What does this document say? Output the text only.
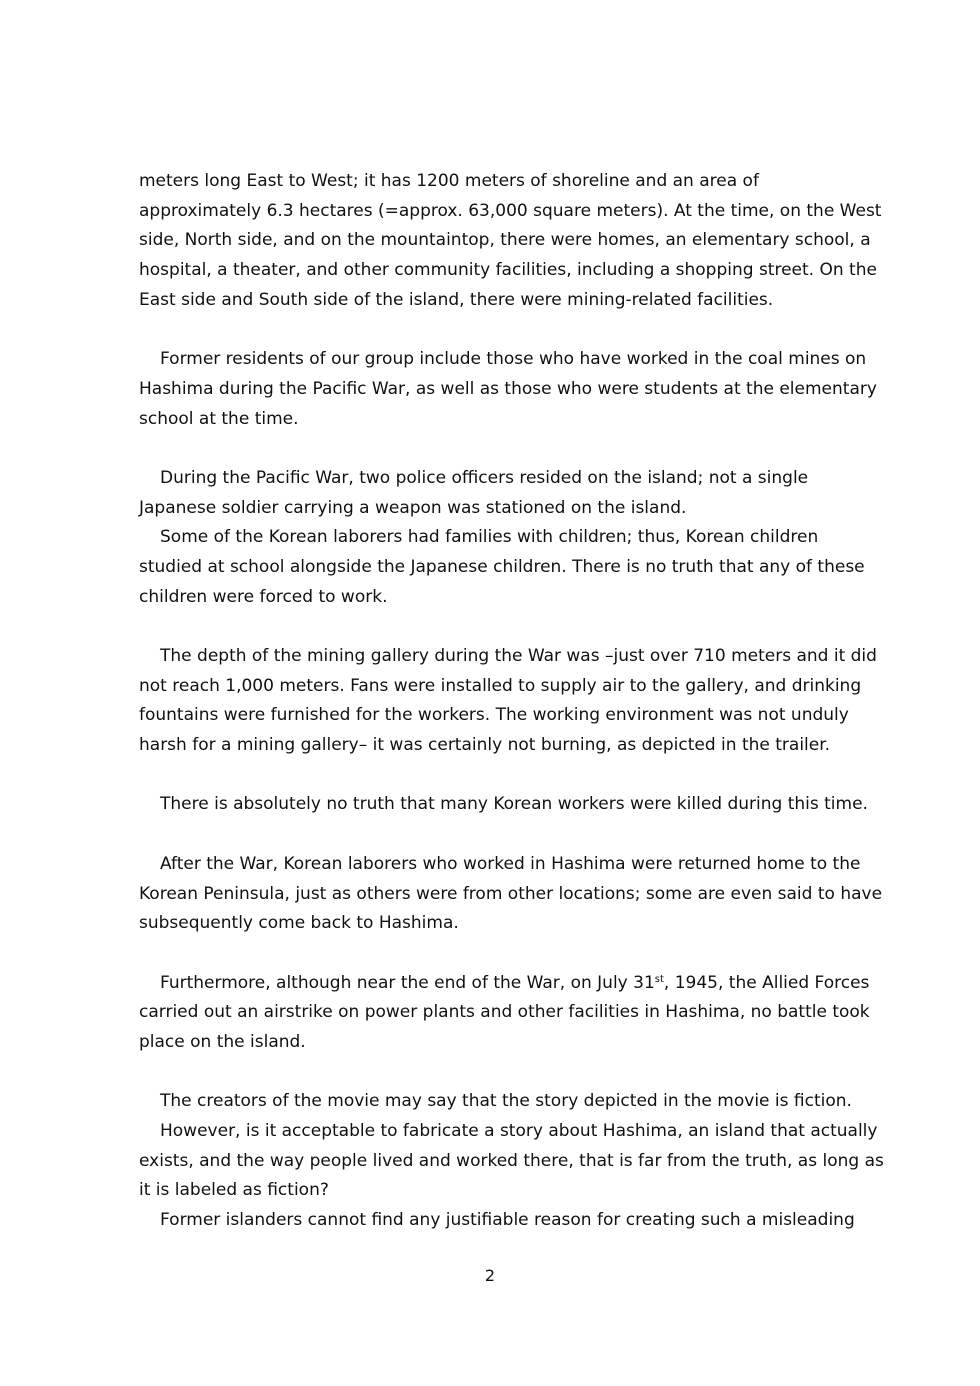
meters long East to West; it has 1200 meters of shoreline and an area of
approximately 6.3 hectares (=approx. 63,000 square meters). At the time, on the West
side, North side, and on the mountaintop, there were homes, an elementary school, a
hospital, a theater, and other community facilities, including a shopping street. On the
East side and South side of the island, there were mining-related facilities.
Former residents of our group include those who have worked in the coal mines on
Hashima during the Pacific War, as well as those who were students at the elementary
school at the time.
During the Pacific War, two police officers resided on the island; not a single
Japanese soldier carrying a weapon was stationed on the island.
Some of the Korean laborers had families with children; thus, Korean children
studied at school alongside the Japanese children. There is no truth that any of these
children were forced to work.
The depth of the mining gallery during the War was –just over 710 meters and it did
not reach 1,000 meters. Fans were installed to supply air to the gallery, and drinking
fountains were furnished for the workers. The working environment was not unduly
harsh for a mining gallery– it was certainly not burning, as depicted in the trailer.
There is absolutely no truth that many Korean workers were killed during this time.
After the War, Korean laborers who worked in Hashima were returned home to the
Korean Peninsula, just as others were from other locations; some are even said to have
subsequently come back to Hashima.
Furthermore, although near the end of the War, on July 31st, 1945, the Allied Forces
carried out an airstrike on power plants and other facilities in Hashima, no battle took
place on the island.
The creators of the movie may say that the story depicted in the movie is fiction.
However, is it acceptable to fabricate a story about Hashima, an island that actually
exists, and the way people lived and worked there, that is far from the truth, as long as
it is labeled as fiction?
Former islanders cannot find any justifiable reason for creating such a misleading
2
